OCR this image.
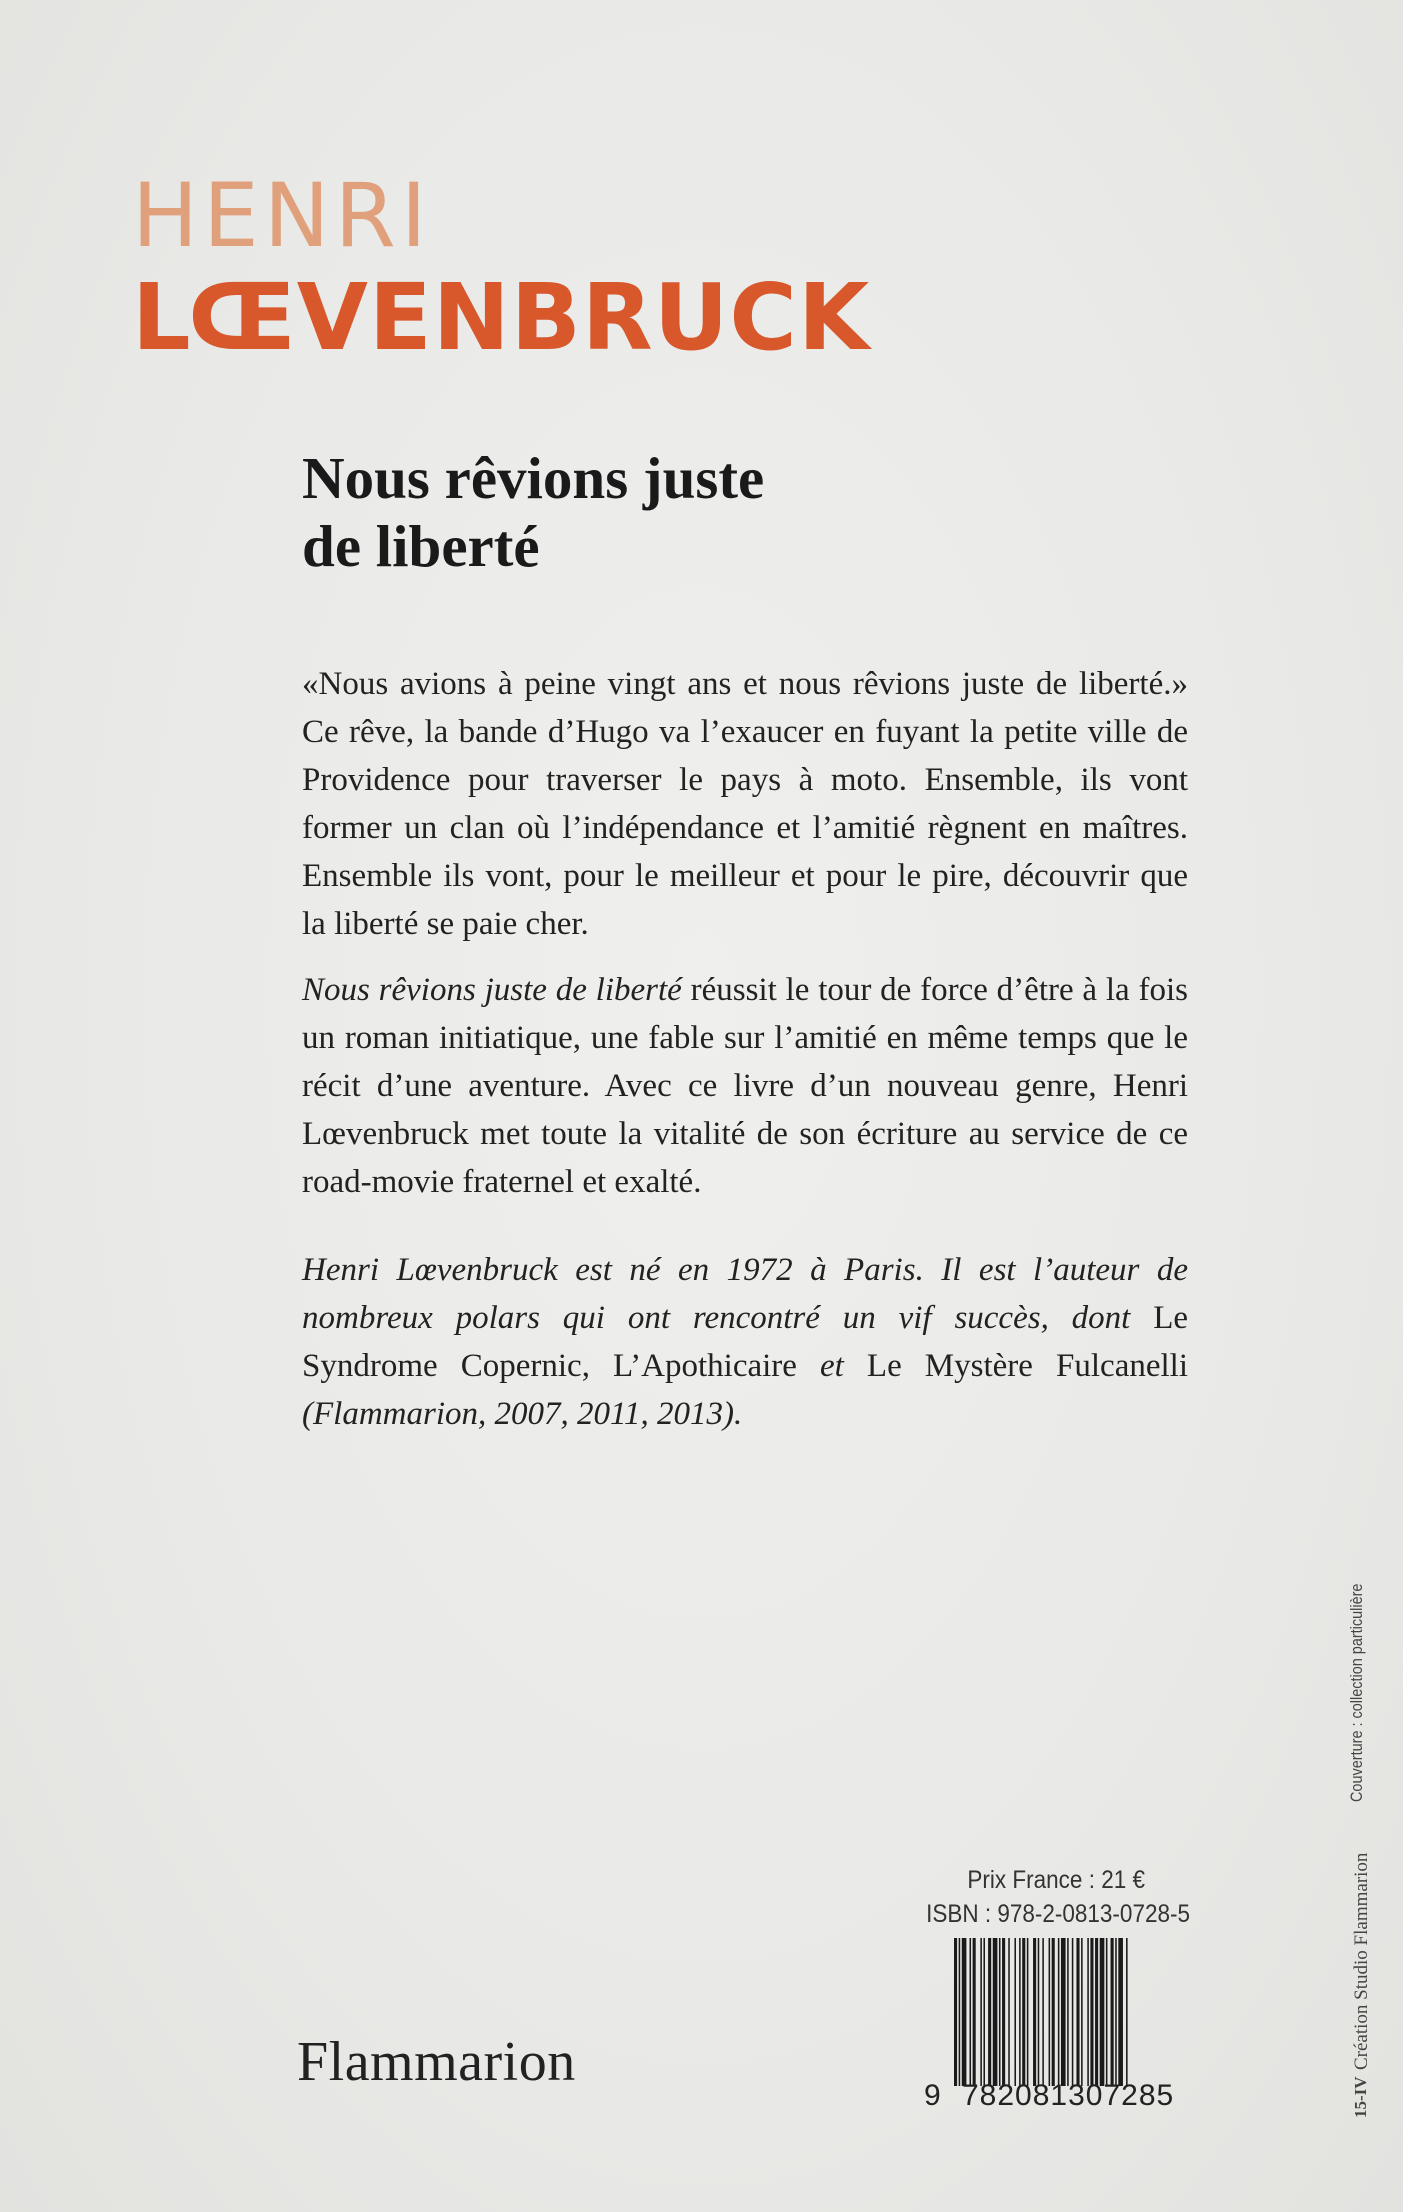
HENRI
LŒVENBRUCK
Nous rêvions juste
de liberté

«Nous avions à peine vingt ans et nous rêvions juste de liberté.» Ce rêve, la bande d’Hugo va l’exaucer en fuyant la petite ville de Providence pour traverser le pays à moto. Ensemble, ils vont former un clan où l’indépendance et l’amitié règnent en maîtres. Ensemble ils vont, pour le meilleur et pour le pire, découvrir que la liberté se paie cher.

Nous rêvions juste de liberté réussit le tour de force d’être à la fois un roman initiatique, une fable sur l’amitié en même temps que le récit d’une aventure. Avec ce livre d’un nouveau genre, Henri Lœvenbruck met toute la vitalité de son écriture au service de ce road-movie fraternel et exalté.

Henri Lœvenbruck est né en 1972 à Paris. Il est l’auteur de nombreux polars qui ont rencontré un vif succès, dont Le Syndrome Copernic, L’Apothicaire et Le Mystère Fulcanelli (Flammarion, 2007, 2011, 2013).

Flammarion
Prix France : 21 €
ISBN : 978-2-0813-0728-5
9 782081307285	15-IV
Création Studio Flammarion
Couverture : collection particulière
